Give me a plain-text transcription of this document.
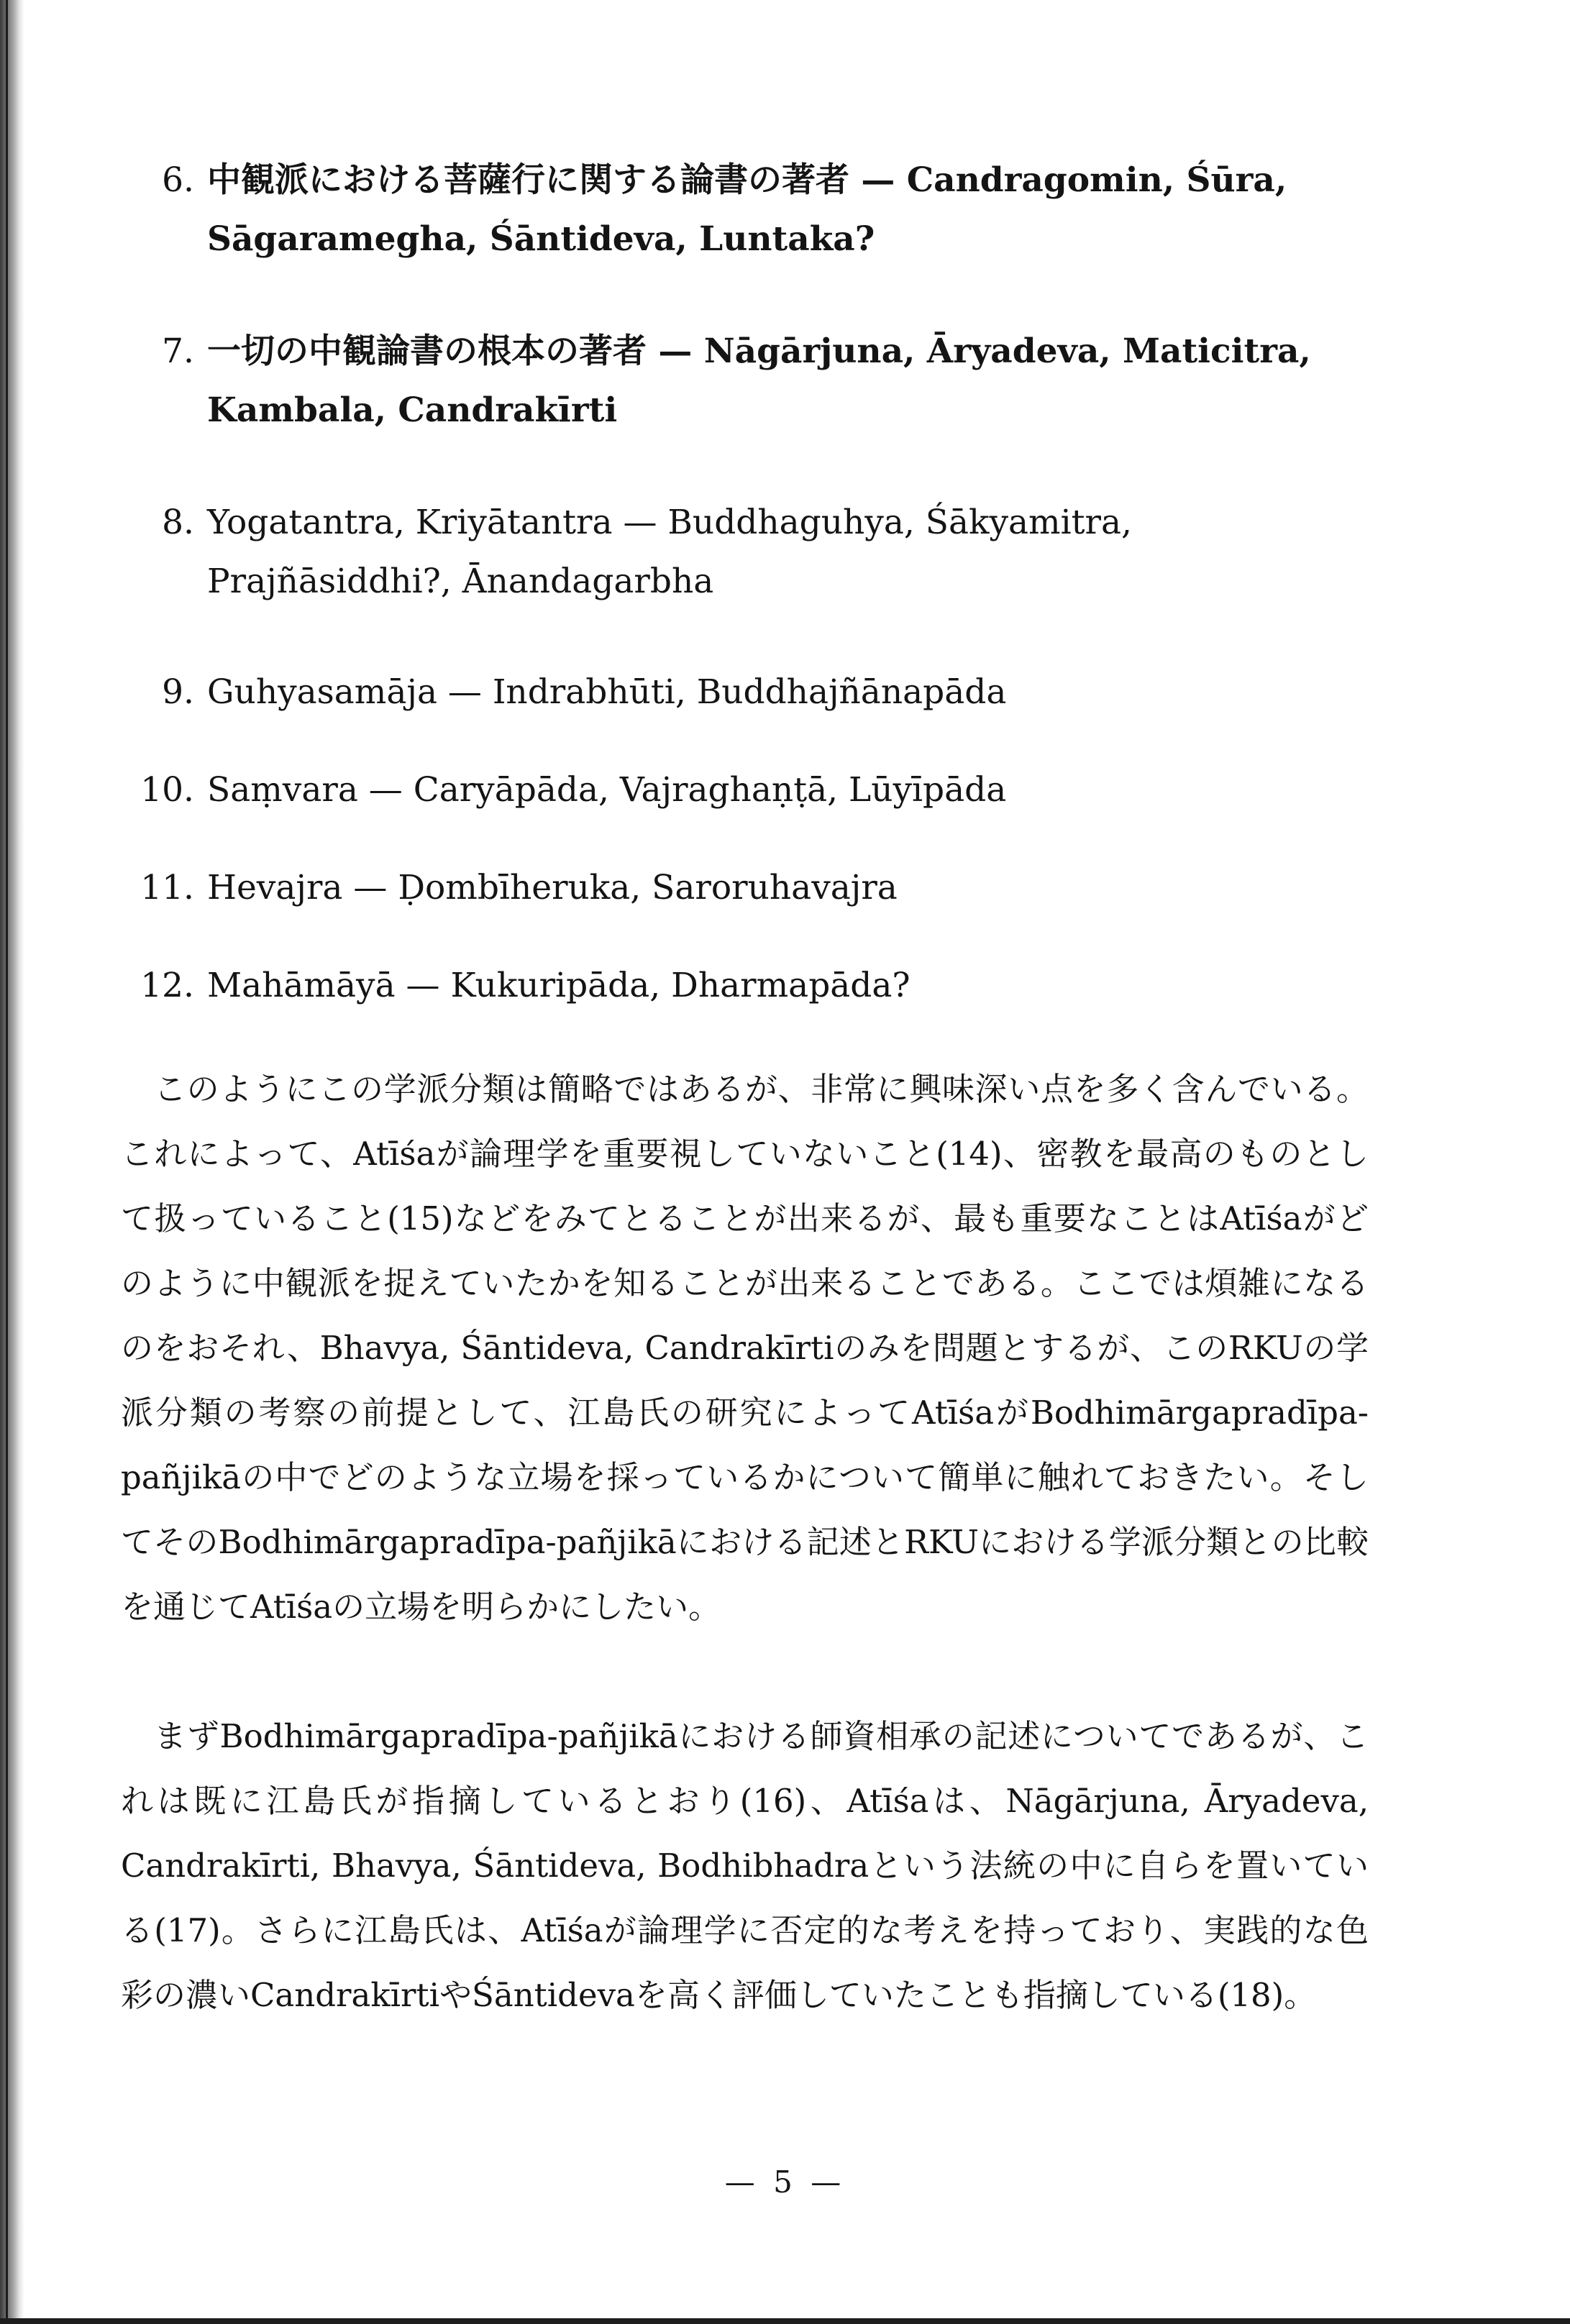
6. 中観派における菩薩行に関する論書の著者 — Candragomin, Śūra, Sāgaramegha, Śāntideva, Luntaka?
7. 一切の中観論書の根本の著者 — Nāgārjuna, Āryadeva, Maticitra, Kambala, Candrakīrti
8. Yogatantra, Kriyātantra — Buddhaguhya, Śākyamitra, Prajñāsiddhi?, Ānandagarbha
9. Guhyasamāja — Indrabhūti, Buddhajñānapāda
10. Saṃvara — Caryāpāda, Vajraghaṇṭā, Lūyīpāda
11. Hevajra — Ḍombīheruka, Saroruhavajra
12. Mahāmāyā — Kukuripāda, Dharmapāda?
このようにこの学派分類は簡略ではあるが、非常に興味深い点を多く含んでいる。これによって、Atīśaが論理学を重要視していないこと(14)、密教を最高のものとして扱っていること(15)などをみてとることが出来るが、最も重要なことはAtīśaがどのように中観派を捉えていたかを知ることが出来ることである。ここでは煩雑になるのをおそれ、Bhavya, Śāntideva, Candrakīrtiのみを問題とするが、このRKUの学派分類の考察の前提として、江島氏の研究によってAtīśaがBodhimārgapradīpa-pañjikāの中でどのような立場を採っているかについて簡単に触れておきたい。そしてそのBodhimārgapradīpa-pañjikāにおける記述とRKUにおける学派分類との比較を通じてAtīśaの立場を明らかにしたい。
まずBodhimārgapradīpa-pañjikāにおける師資相承の記述についてであるが、これは既に江島氏が指摘しているとおり(16)、Atīśaは、Nāgārjuna, Āryadeva, Candrakīrti, Bhavya, Śāntideva, Bodhibhadraという法統の中に自らを置いている(17)。さらに江島氏は、Atīśaが論理学に否定的な考えを持っており、実践的な色彩の濃いCandrakīrtiやŚāntidevaを高く評価していたことも指摘している(18)。
— 5 —
